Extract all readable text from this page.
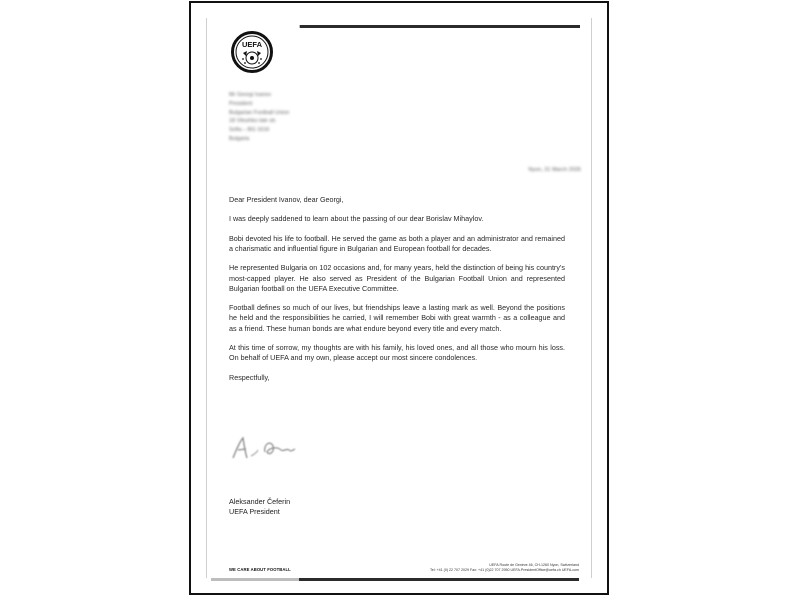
UEFA
Mr Georgi Ivanov
President
Bulgarian Football Union
18 Vitoshko lale str.
Sofia – BG 1616
Bulgaria
Nyon, 31 March 2026

Dear President Ivanov, dear Georgi,

I was deeply saddened to learn about the passing of our dear Borislav Mihaylov.

Bobi devoted his life to football. He served the game as both a player and an administrator and remained a charismatic and influential figure in Bulgarian and European football for decades.

He represented Bulgaria on 102 occasions and, for many years, held the distinction of being his country’s most-capped player. He also served as President of the Bulgarian Football Union and represented Bulgarian football on the UEFA Executive Committee.

Football defines so much of our lives, but friendships leave a lasting mark as well. Beyond the positions he held and the responsibilities he carried, I will remember Bobi with great warmth - as a colleague and as a friend. These human bonds are what endure beyond every title and every match.

At this time of sorrow, my thoughts are with his family, his loved ones, and all those who mourn his loss. On behalf of UEFA and my own, please accept our most sincere condolences.

Respectfully,

Aleksander Čeferin
UEFA President
WE CARE ABOUT FOOTBALL
UEFA Route de Genève 46, CH-1260 Nyon, Switzerland
Tel: +41 (0) 22 707 2029 Fax: +41 (0)22 707 2950 UEFA.PresidentOffice@uefa.ch UEFA.com
